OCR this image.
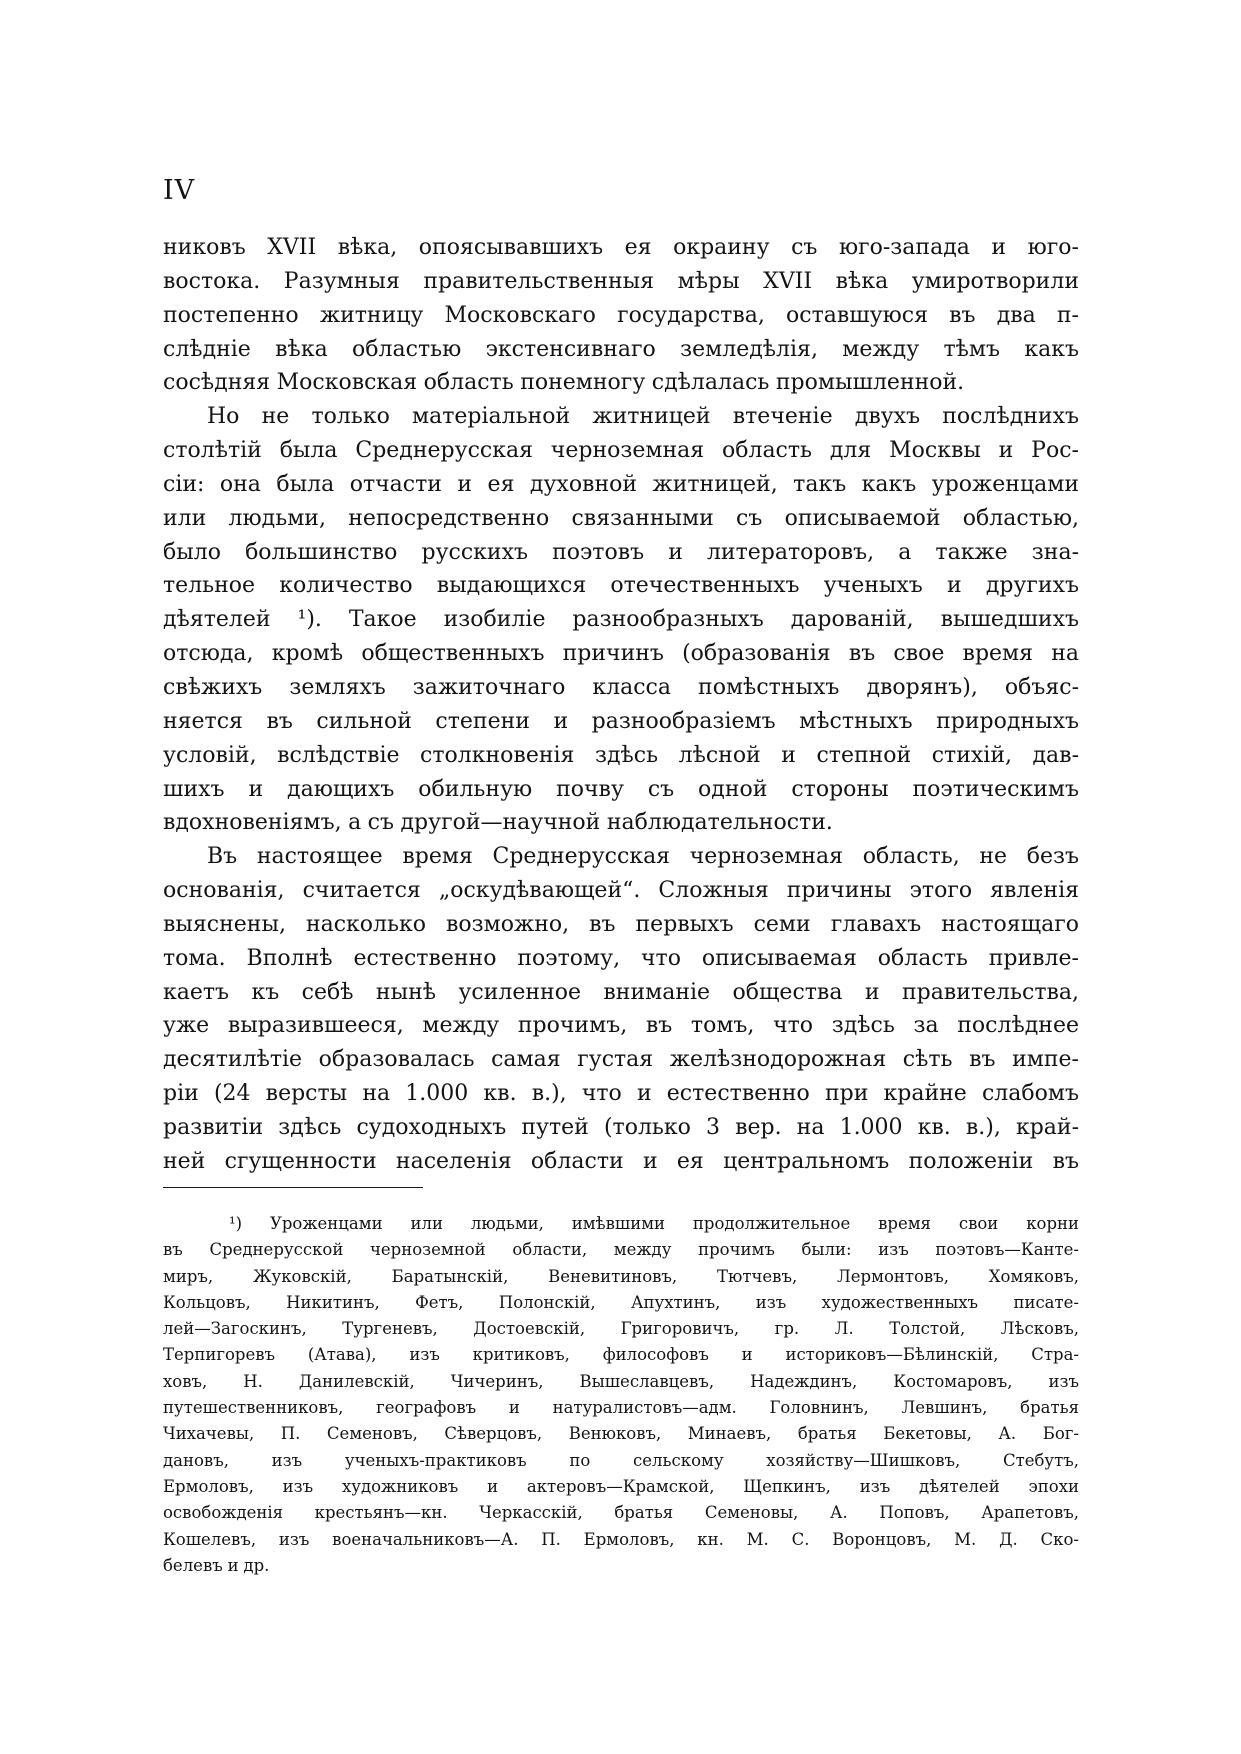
IV
никовъ XVII вѣка, опоясывавшихъ ея окраину съ юго-запада и юго-
востока. Разумныя правительственныя мѣры XVII вѣка умиротворили
постепенно житницу Московскаго государства, оставшуюся въ два п-
слѣдніе вѣка областью экстенсивнаго земледѣлія, между тѣмъ какъ
сосѣдняя Московская область понемногу сдѣлалась промышленной.
Но не только матеріальной житницей втеченіе двухъ послѣднихъ
столѣтій была Среднерусская черноземная область для Москвы и Рос-
сіи: она была отчасти и ея духовной житницей, такъ какъ уроженцами
или людьми, непосредственно связанными съ описываемой областью,
было большинство русскихъ поэтовъ и литераторовъ, а также зна-
тельное количество выдающихся отечественныхъ ученыхъ и другихъ
дѣятелей ¹). Такое изобиліе разнообразныхъ дарованій, вышедшихъ
отсюда, кромѣ общественныхъ причинъ (образованія въ свое время на
свѣжихъ земляхъ зажиточнаго класса помѣстныхъ дворянъ), объяс-
няется въ сильной степени и разнообразіемъ мѣстныхъ природныхъ
условій, вслѣдствіе столкновенія здѣсь лѣсной и степной стихій, дав-
шихъ и дающихъ обильную почву съ одной стороны поэтическимъ
вдохновеніямъ, а съ другой—научной наблюдательности.
Въ настоящее время Среднерусская черноземная область, не безъ
основанія, считается „оскудѣвающей“. Сложныя причины этого явленія
выяснены, насколько возможно, въ первыхъ семи главахъ настоящаго
тома. Вполнѣ естественно поэтому, что описываемая область привле-
каетъ къ себѣ нынѣ усиленное вниманіе общества и правительства,
уже выразившееся, между прочимъ, въ томъ, что здѣсь за послѣднее
десятилѣтіе образовалась самая густая желѣзнодорожная сѣть въ импе-
ріи (24 версты на 1.000 кв. в.), что и естественно при крайне слабомъ
развитіи здѣсь судоходныхъ путей (только 3 вер. на 1.000 кв. в.), край-
ней сгущенности населенія области и ея центральномъ положеніи въ
¹) Уроженцами или людьми, имѣвшими продолжительное время свои корни
въ Среднерусской черноземной области, между прочимъ были: изъ поэтовъ—Канте-
миръ, Жуковскій, Баратынскій, Веневитиновъ, Тютчевъ, Лермонтовъ, Хомяковъ,
Кольцовъ, Никитинъ, Фетъ, Полонскій, Апухтинъ, изъ художественныхъ писате-
лей—Загоскинъ, Тургеневъ, Достоевскій, Григоровичъ, гр. Л. Толстой, Лѣсковъ,
Терпигоревъ (Атава), изъ критиковъ, философовъ и историковъ—Бѣлинскій, Стра-
ховъ, Н. Данилевскій, Чичеринъ, Вышеславцевъ, Надеждинъ, Костомаровъ, изъ
путешественниковъ, географовъ и натуралистовъ—адм. Головнинъ, Левшинъ, братья
Чихачевы, П. Семеновъ, Сѣверцовъ, Венюковъ, Минаевъ, братья Бекетовы, А. Бог-
дановъ, изъ ученыхъ-практиковъ по сельскому хозяйству—Шишковъ, Стебутъ,
Ермоловъ, изъ художниковъ и актеровъ—Крамской, Щепкинъ, изъ дѣятелей эпохи
освобожденія крестьянъ—кн. Черкасскій, братья Семеновы, А. Поповъ, Арапетовъ,
Кошелевъ, изъ военачальниковъ—А. П. Ермоловъ, кн. М. С. Воронцовъ, М. Д. Ско-
белевъ и др.
